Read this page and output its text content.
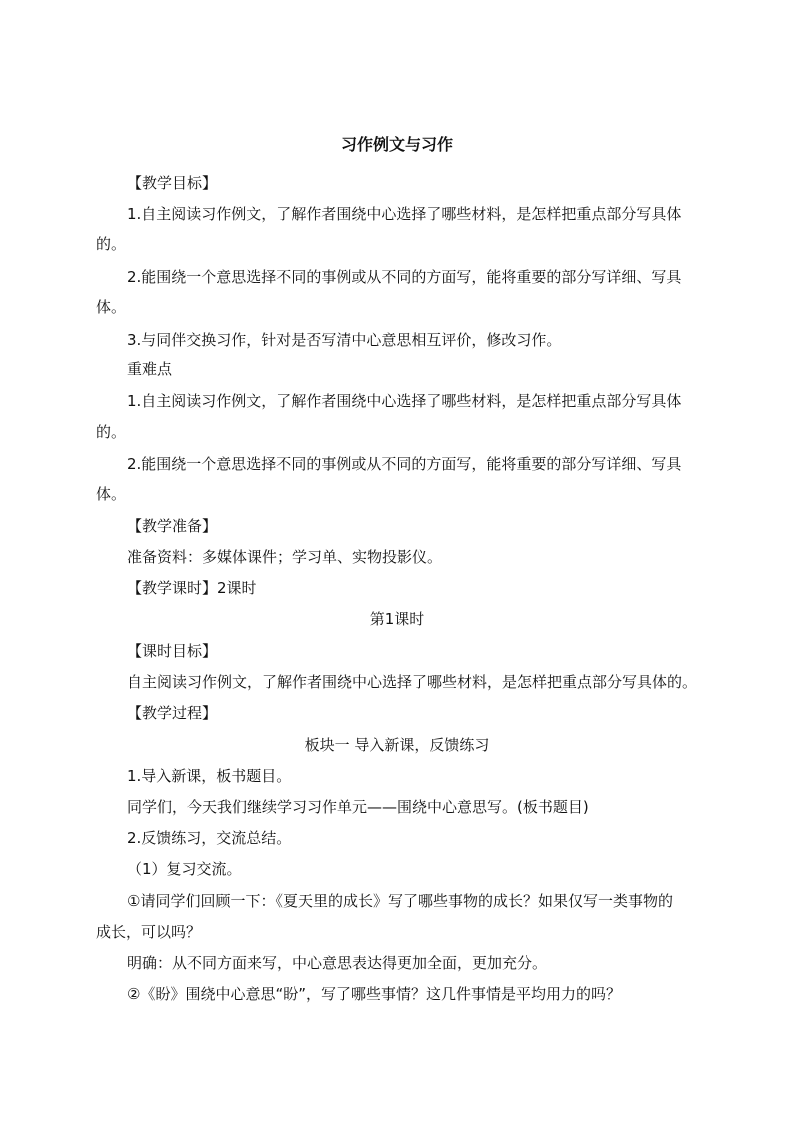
习作例文与习作
【教学目标】
1.自主阅读习作例文，了解作者围绕中心选择了哪些材料，是怎样把重点部分写具体
的。
2.能围绕一个意思选择不同的事例或从不同的方面写，能将重要的部分写详细、写具
体。
3.与同伴交换习作，针对是否写清中心意思相互评价，修改习作。
重难点
1.自主阅读习作例文，了解作者围绕中心选择了哪些材料，是怎样把重点部分写具体
的。
2.能围绕一个意思选择不同的事例或从不同的方面写，能将重要的部分写详细、写具
体。
【教学准备】
准备资料：多媒体课件；学习单、实物投影仪。
【教学课时】2课时
第1课时
【课时目标】
自主阅读习作例文，了解作者围绕中心选择了哪些材料，是怎样把重点部分写具体的。
【教学过程】
板块一 导入新课，反馈练习
1.导入新课，板书题目。
同学们，今天我们继续学习习作单元——围绕中心意思写。(板书题目)
2.反馈练习，交流总结。
（1）复习交流。
①请同学们回顾一下：《夏天里的成长》写了哪些事物的成长？如果仅写一类事物的
成长，可以吗？
明确：从不同方面来写，中心意思表达得更加全面，更加充分。
②《盼》围绕中心意思“盼”，写了哪些事情？这几件事情是平均用力的吗？
